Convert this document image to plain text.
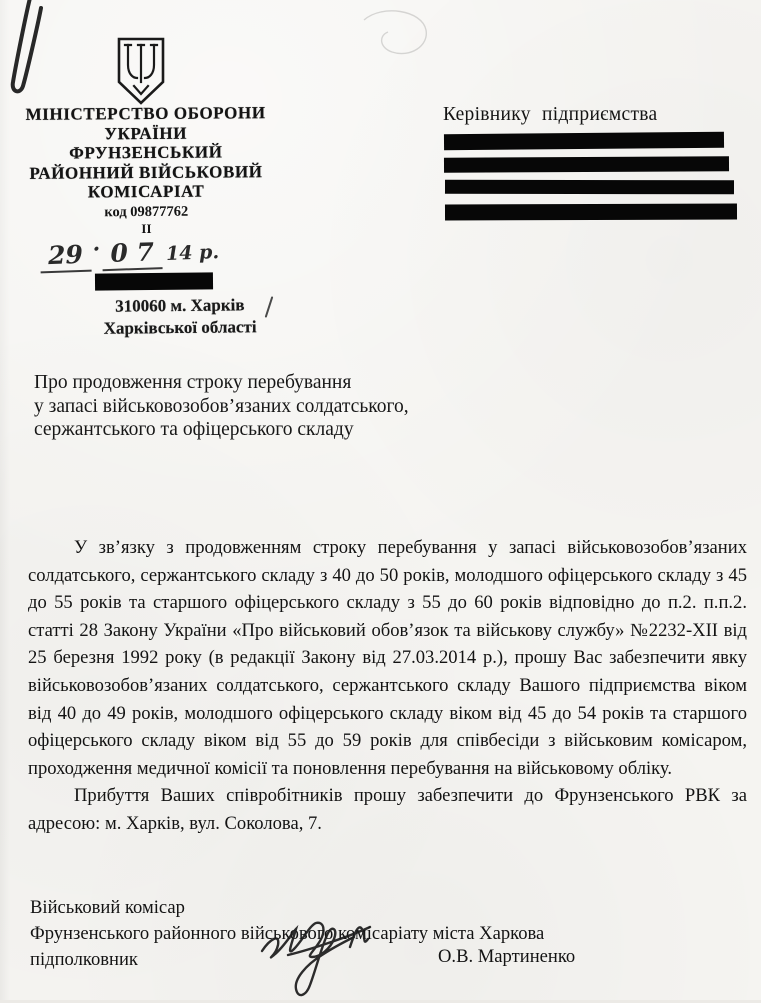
МІНІСТЕРСТВО ОБОРОНИ
УКРАЇНИ
ФРУНЗЕНСЬКИЙ
РАЙОННИЙ ВІЙСЬКОВИЙ
КОМІСАРІАТ
код 09877762
ІІ
29 · 0 7 14 р.
310060 м. Харків
Харківської області
Керівнику підприємства
Про продовження строку перебування
у запасі військовозобов’язаних солдатського,
сержантського та офіцерського складу

У зв’язку з продовженням строку перебування у запасі військовозобов’язаних солдатського, сержантського складу з 40 до 50 років, молодшого офіцерського складу з 45 до 55 років та старшого офіцерського складу з 55 до 60 років відповідно до п.2. п.п.2. статті 28 Закону України «Про військовий обов’язок та військову службу» №2232-ХІІ від 25 березня 1992 року (в редакції Закону від 27.03.2014 р.), прошу Вас забезпечити явку військовозобов’язаних солдатського, сержантського складу Вашого підприємства віком від 40 до 49 років, молодшого офіцерського складу віком від 45 до 54 років та старшого офіцерського складу віком від 55 до 59 років для співбесіди з військовим комісаром, проходження медичної комісії та поновлення перебування на військовому обліку.

Прибуття Ваших співробітників прошу забезпечити до Фрунзенського РВК за адресою: м. Харків, вул. Соколова, 7.

Військовий комісар
Фрунзенського районного військового комісаріату міста Харкова
підполковник	О.В. Мартиненко
